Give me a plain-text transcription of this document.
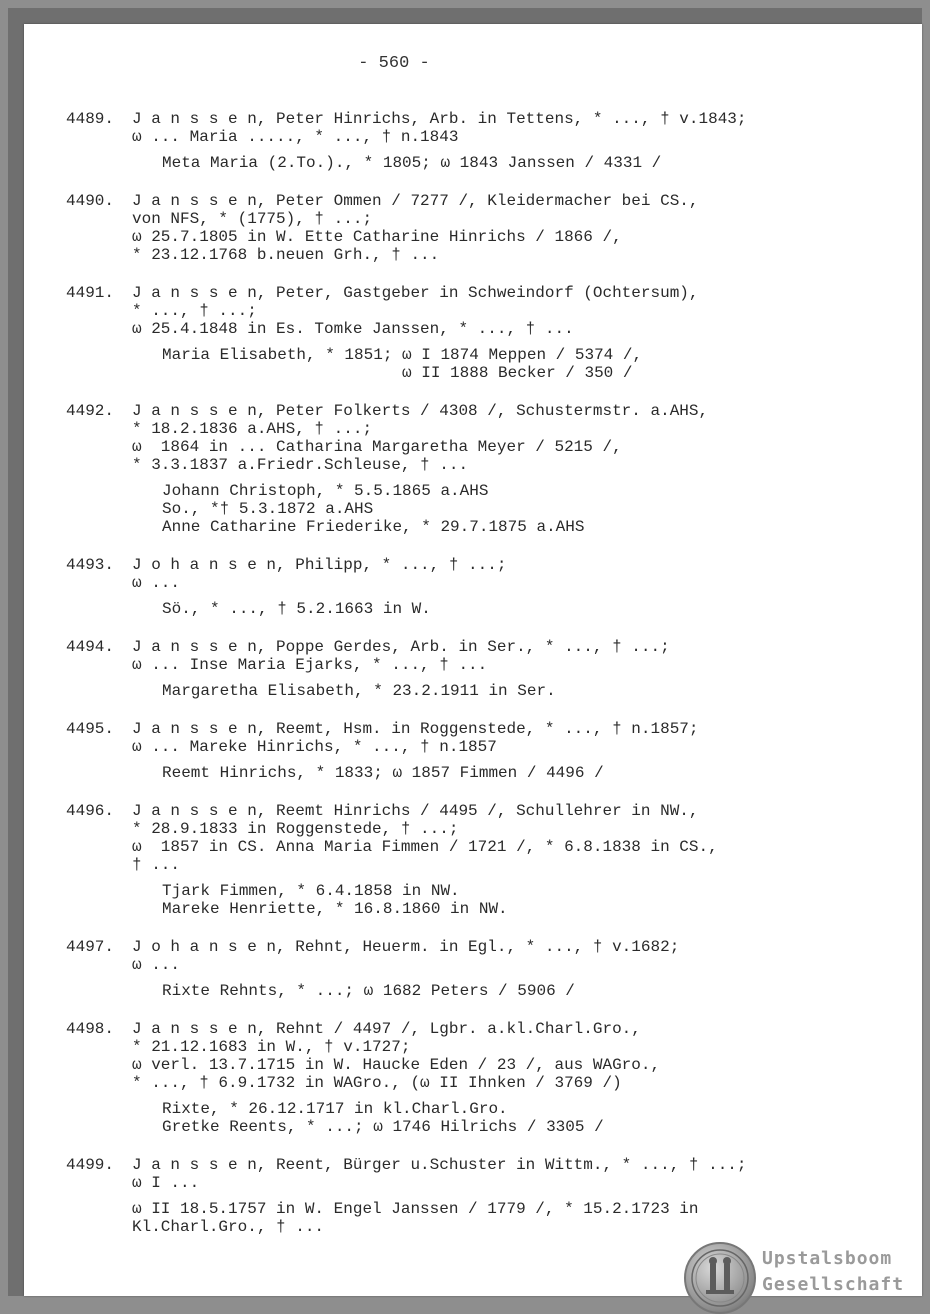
- 560 -
4489. J a n s s e n, Peter Hinrichs, Arb. in Tettens, * ..., † v.1843;
ω ... Maria ....., * ..., † n.1843
Meta Maria (2.To.)., * 1805; ω 1843 Janssen / 4331 /
4490. J a n s s e n, Peter Ommen / 7277 /, Kleidermacher bei CS.,
von NFS, * (1775), † ...;
ω 25.7.1805 in W. Ette Catharine Hinrichs / 1866 /,
* 23.12.1768 b.neuen Grh., † ...
4491. J a n s s e n, Peter, Gastgeber in Schweindorf (Ochtersum),
* ..., † ...;
ω 25.4.1848 in Es. Tomke Janssen, * ..., † ...
Maria Elisabeth, * 1851; ω I 1874 Meppen / 5374 /,
ω II 1888 Becker / 350 /
4492. J a n s s e n, Peter Folkerts / 4308 /, Schustermstr. a.AHS,
* 18.2.1836 a.AHS, † ...;
ω  1864 in ... Catharina Margaretha Meyer / 5215 /,
* 3.3.1837 a.Friedr.Schleuse, † ...
Johann Christoph, * 5.5.1865 a.AHS
So., *† 5.3.1872 a.AHS
Anne Catharine Friederike, * 29.7.1875 a.AHS
4493. J o h a n s e n, Philipp, * ..., † ...;
ω ...
Sö., * ..., † 5.2.1663 in W.
4494. J a n s s e n, Poppe Gerdes, Arb. in Ser., * ..., † ...;
ω ... Inse Maria Ejarks, * ..., † ...
Margaretha Elisabeth, * 23.2.1911 in Ser.
4495. J a n s s e n, Reemt, Hsm. in Roggenstede, * ..., † n.1857;
ω ... Mareke Hinrichs, * ..., † n.1857
Reemt Hinrichs, * 1833; ω 1857 Fimmen / 4496 /
4496. J a n s s e n, Reemt Hinrichs / 4495 /, Schullehrer in NW.,
* 28.9.1833 in Roggenstede, † ...;
ω  1857 in CS. Anna Maria Fimmen / 1721 /, * 6.8.1838 in CS.,
† ...
Tjark Fimmen, * 6.4.1858 in NW.
Mareke Henriette, * 16.8.1860 in NW.
4497. J o h a n s e n, Rehnt, Heuerm. in Egl., * ..., † v.1682;
ω ...
Rixte Rehnts, * ...; ω 1682 Peters / 5906 /
4498. J a n s s e n, Rehnt / 4497 /, Lgbr. a.kl.Charl.Gro.,
* 21.12.1683 in W., † v.1727;
ω verl. 13.7.1715 in W. Haucke Eden / 23 /, aus WAGro.,
* ..., † 6.9.1732 in WAGro., (ω II Ihnken / 3769 /)
Rixte, * 26.12.1717 in kl.Charl.Gro.
Gretke Reents, * ...; ω 1746 Hilrichs / 3305 /
4499. J a n s s e n, Reent, Bürger u.Schuster in Wittm., * ..., † ...;
ω I ...
ω II 18.5.1757 in W. Engel Janssen / 1779 /, * 15.2.1723 in
Kl.Charl.Gro., † ...
Upstalsboom
Gesellschaft
